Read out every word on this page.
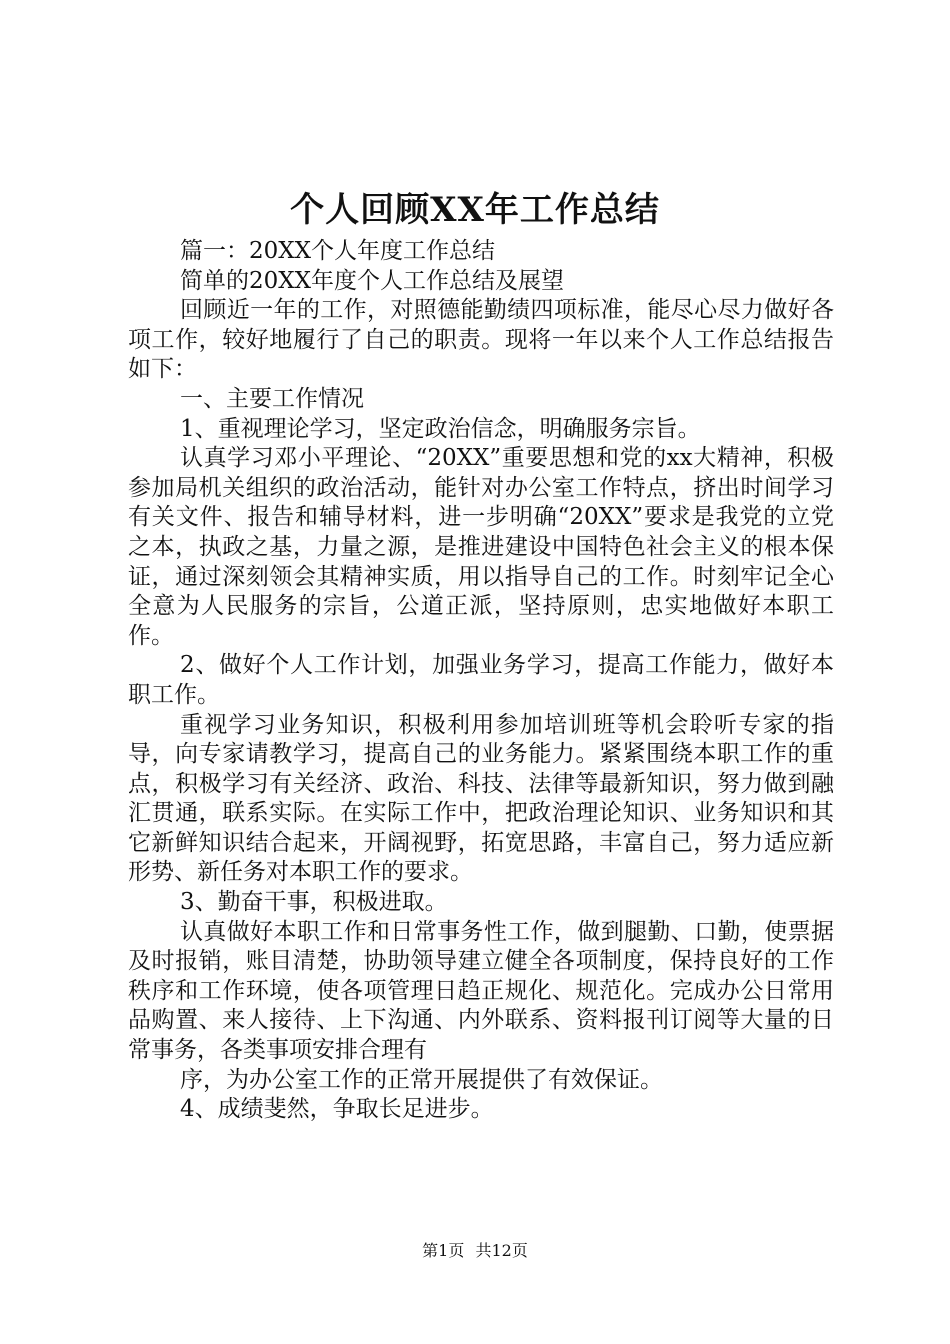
个人回顾XX年工作总结

篇一：20XX个人年度工作总结

简单的20XX年度个人工作总结及展望

回顾近一年的工作，对照德能勤绩四项标准，能尽心尽力做好各项工作，较好地履行了自己的职责。现将一年以来个人工作总结报告如下：

一、主要工作情况

1、重视理论学习，坚定政治信念，明确服务宗旨。

认真学习邓小平理论、“20XX”重要思想和党的xx大精神，积极参加局机关组织的政治活动，能针对办公室工作特点，挤出时间学习有关文件、报告和辅导材料，进一步明确“20XX”要求是我党的立党之本，执政之基，力量之源，是推进建设中国特色社会主义的根本保证，通过深刻领会其精神实质，用以指导自己的工作。时刻牢记全心全意为人民服务的宗旨，公道正派，坚持原则，忠实地做好本职工作。

2、做好个人工作计划，加强业务学习，提高工作能力，做好本职工作。

重视学习业务知识，积极利用参加培训班等机会聆听专家的指导，向专家请教学习，提高自己的业务能力。紧紧围绕本职工作的重点，积极学习有关经济、政治、科技、法律等最新知识，努力做到融汇贯通，联系实际。在实际工作中，把政治理论知识、业务知识和其它新鲜知识结合起来，开阔视野，拓宽思路，丰富自己，努力适应新形势、新任务对本职工作的要求。

3、勤奋干事，积极进取。

认真做好本职工作和日常事务性工作，做到腿勤、口勤，使票据及时报销，账目清楚，协助领导建立健全各项制度，保持良好的工作秩序和工作环境，使各项管理日趋正规化、规范化。完成办公日常用品购置、来人接待、上下沟通、内外联系、资料报刊订阅等大量的日常事务，各类事项安排合理有

序，为办公室工作的正常开展提供了有效保证。

4、成绩斐然，争取长足进步。

第1页 共12页
